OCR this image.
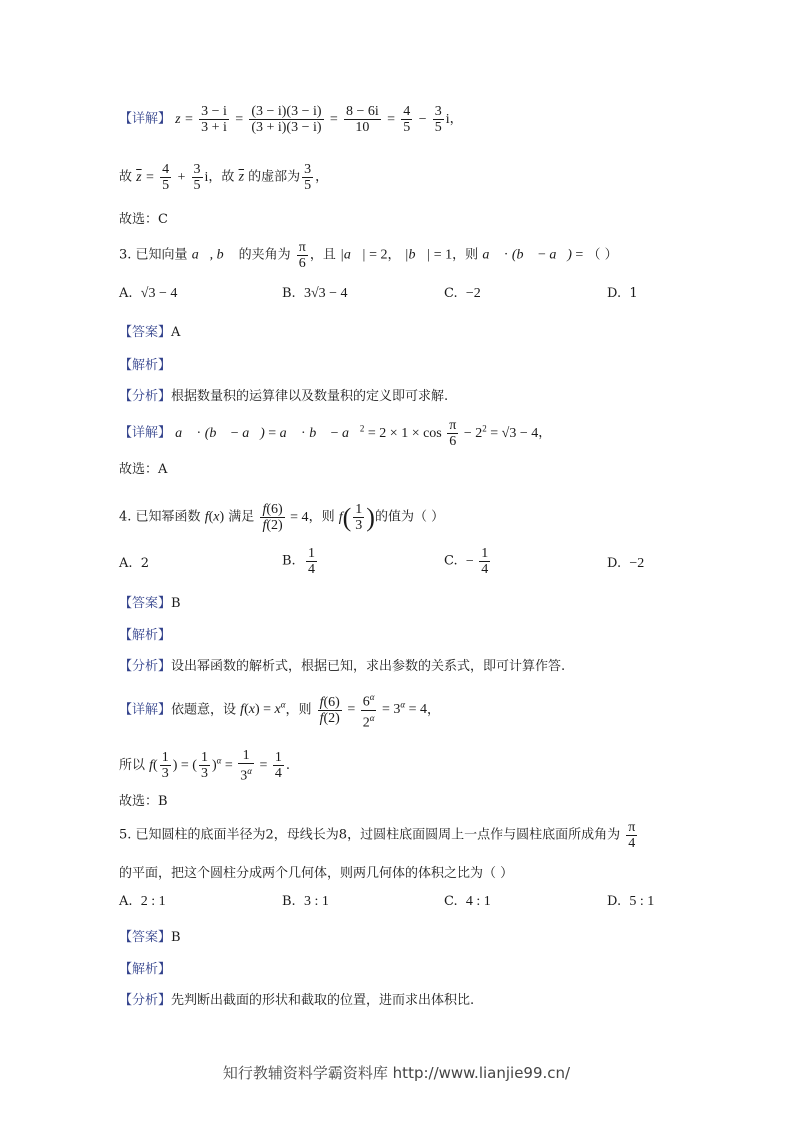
【详解】 $z = \frac{3 - i}{3 + i} = \frac{(3 - i)(3 - i)}{(3 + i)(3 - i)} = \frac{8 - 6i}{10} = \frac{4}{5} - \frac{3}{5}$ i，
故 $\overline{z} = \frac{4}{5} + \frac{3}{5}$ i，故 $\overline{z}$ 的虚部为 $\frac{3}{5}$ ，
故选：C
3. 已知向量 a⃗, b⃗ 的夹角为 $\frac{\pi}{6}$ ，且 |a⃗| = 2， |b⃗| = 1，则 a⃗ · (b⃗ − a⃗) = （ ）
A. √3 − 4	B. 3√3 − 4	C. −2	D. 1
【答案】A
【解析】
【分析】根据数量积的运算律以及数量积的定义即可求解.
【详解】 a⃗ · (b⃗ − a⃗) = a⃗ · b⃗ − a⃗$^2$ = $2 \times 1 \times \cos \frac{\pi}{6} - 2^2 = √3 - 4$，
故选：A
4. 已知幂函数 f(x) 满足 $\frac{f(6)}{f(2)} = 4$，则 $f( \frac{1}{3}$ )的值为（ ）
A. 2	B. $\frac{1}{4}$	C. − $\frac{1}{4}$	D. −2
【答案】B
【解析】
【分析】设出幂函数的解析式，根据已知，求出参数的关系式，即可计算作答.
【详解】依题意，设 $f(x) = x^\alpha$，则 $\frac{f(6)}{f(2)} = \frac{6^\alpha}{2^\alpha} = 3^\alpha = 4$，
所以 $f( \frac{1}{3}$ ) = ( $\frac{1}{3} )^\alpha = \frac{1}{3^\alpha} = \frac{1}{4}$ .
故选：B
5. 已知圆柱的底面半径为2，母线长为8，过圆柱底面圆周上一点作与圆柱底面所成角为 $\frac{\pi}{4}$
的平面，把这个圆柱分成两个几何体，则两几何体的体积之比为（ ）
A. 2 : 1	B. 3 : 1	C. 4 : 1	D. 5 : 1
【答案】B
【解析】
【分析】先判断出截面的形状和截取的位置，进而求出体积比.
知行教辅资料学霸资料库 http://www.lianjie99.cn/
